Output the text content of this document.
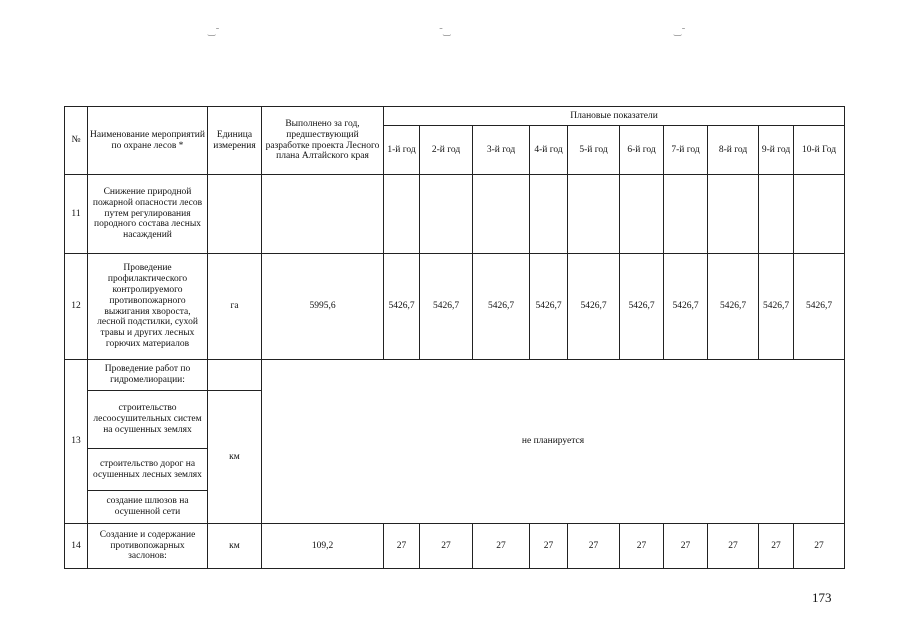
‿ ̄	̄ ‿	‿ ̄
№	Наименование мероприятий по охране лесов *	Единица измерения	Выполнено за год, предшествующий разработке проекта Лесного плана Алтайского края	Плановые показатели									
				1-й год	2-й год	3-й год	4-й год	5-й год	6-й год	7-й год	8-й год	9-й год	10-й Год
11	Снижение природной пожарной опасности лесов путем регулирования породного состава лесных насаждений												
12	Проведение профилактического контролируемого противопожарного выжигания хвороста, лесной подстилки, сухой травы и других лесных горючих материалов	га	5995,6	5426,7	5426,7	5426,7	5426,7	5426,7	5426,7	5426,7	5426,7	5426,7	5426,7
13	Проведение работ по гидромелиорации:		не планируется										
	строительство лесоосушительных систем на осушенных землях	км											
	строительство дорог на осушенных лесных землях												
	создание шлюзов на осушенной сети												
14	Создание и содержание противопожарных заслонов:	км	109,2	27	27	27	27	27	27	27	27	27	27
173
